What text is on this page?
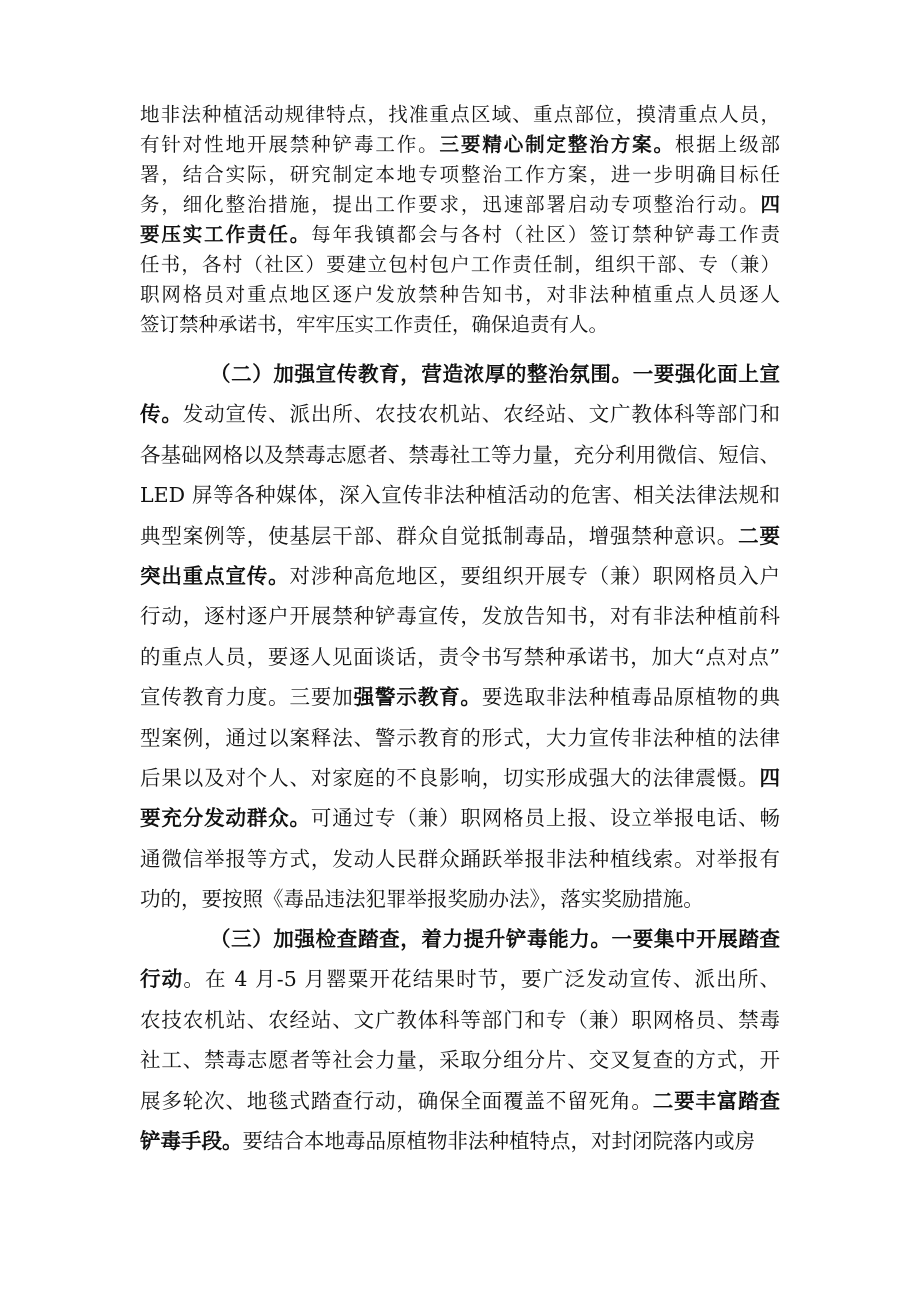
地非法种植活动规律特点，找准重点区域、重点部位，摸清重点人员，
有针对性地开展禁种铲毒工作。三要精心制定整治方案。根据上级部
署，结合实际，研究制定本地专项整治工作方案，进一步明确目标任
务，细化整治措施，提出工作要求，迅速部署启动专项整治行动。四
要压实工作责任。每年我镇都会与各村（社区）签订禁种铲毒工作责
任书，各村（社区）要建立包村包户工作责任制，组织干部、专（兼）
职网格员对重点地区逐户发放禁种告知书，对非法种植重点人员逐人
签订禁种承诺书，牢牢压实工作责任，确保追责有人。
（二）加强宣传教育，营造浓厚的整治氛围。一要强化面上宣
传。发动宣传、派出所、农技农机站、农经站、文广教体科等部门和
各基础网格以及禁毒志愿者、禁毒社工等力量，充分利用微信、短信、
LED 屏等各种媒体，深入宣传非法种植活动的危害、相关法律法规和
典型案例等，使基层干部、群众自觉抵制毒品，增强禁种意识。二要
突出重点宣传。对涉种高危地区，要组织开展专（兼）职网格员入户
行动，逐村逐户开展禁种铲毒宣传，发放告知书，对有非法种植前科
的重点人员，要逐人见面谈话，责令书写禁种承诺书，加大“点对点”
宣传教育力度。三要加强警示教育。要选取非法种植毒品原植物的典
型案例，通过以案释法、警示教育的形式，大力宣传非法种植的法律
后果以及对个人、对家庭的不良影响，切实形成强大的法律震慑。四
要充分发动群众。可通过专（兼）职网格员上报、设立举报电话、畅
通微信举报等方式，发动人民群众踊跃举报非法种植线索。对举报有
功的，要按照《毒品违法犯罪举报奖励办法》，落实奖励措施。
（三）加强检查踏查，着力提升铲毒能力。一要集中开展踏查
行动。在 4 月-5 月罂粟开花结果时节，要广泛发动宣传、派出所、
农技农机站、农经站、文广教体科等部门和专（兼）职网格员、禁毒
社工、禁毒志愿者等社会力量，采取分组分片、交叉复查的方式，开
展多轮次、地毯式踏查行动，确保全面覆盖不留死角。二要丰富踏查
铲毒手段。要结合本地毒品原植物非法种植特点，对封闭院落内或房
